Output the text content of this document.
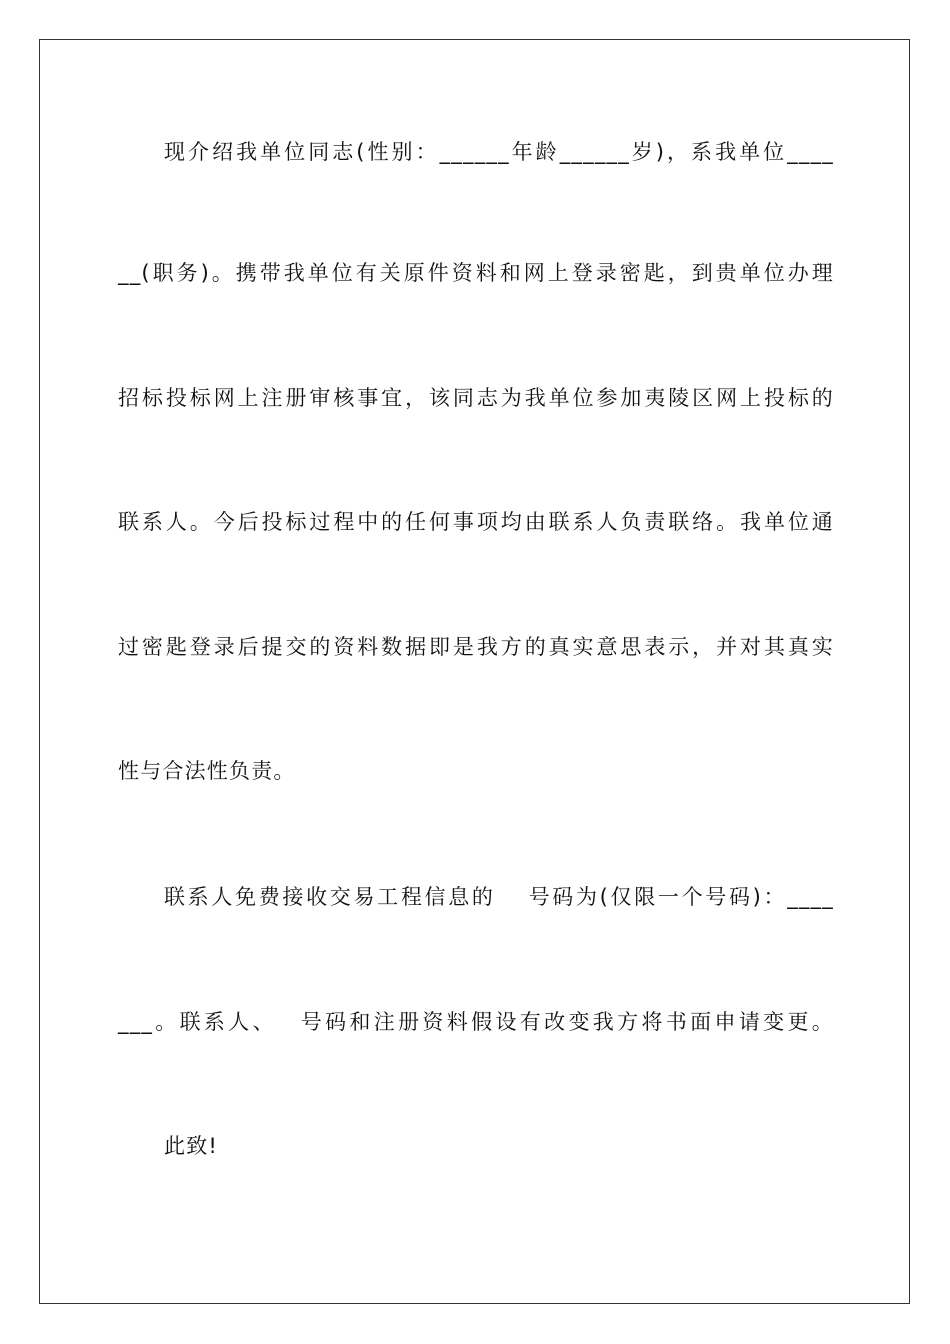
现介绍我单位同志(性别：______年龄______岁)，系我单位____
__(职务)。携带我单位有关原件资料和网上登录密匙，到贵单位办理
招标投标网上注册审核事宜，该同志为我单位参加夷陵区网上投标的
联系人。今后投标过程中的任何事项均由联系人负责联络。我单位通
过密匙登录后提交的资料数据即是我方的真实意思表示，并对其真实
性与合法性负责。
联系人免费接收交易工程信息的　 号码为(仅限一个号码)：____
___。联系人、　 号码和注册资料假设有改变我方将书面申请变更。
此致!
